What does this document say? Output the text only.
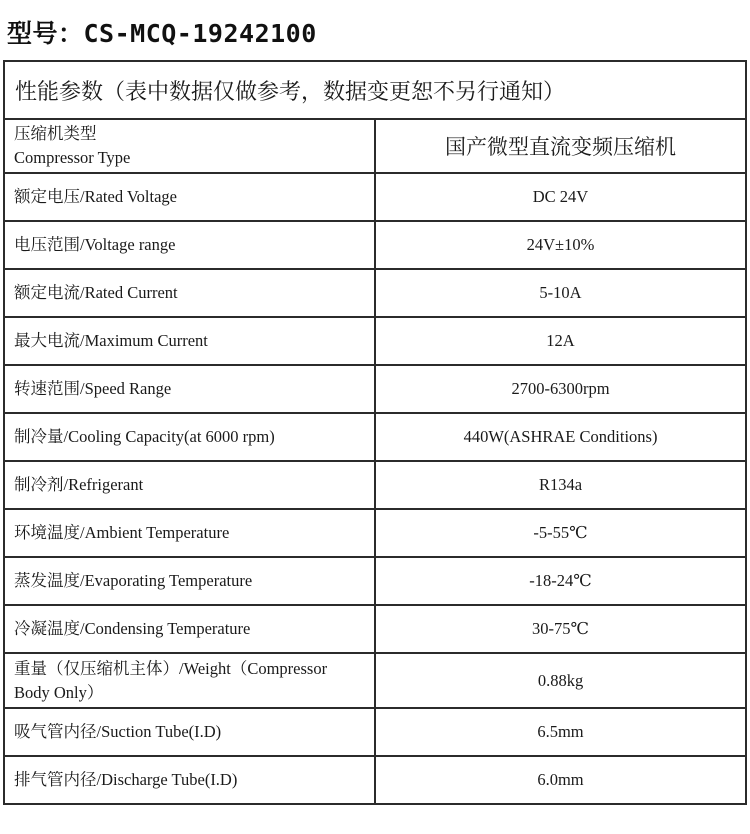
型号：CS-MCQ-19242100
性能参数（表中数据仅做参考，数据变更恕不另行通知）	

压缩机类型
Compressor Type	国产微型直流变频压缩机
额定电压/Rated Voltage	DC 24V
电压范围/Voltage range	24V±10%
额定电流/Rated Current	5-10A
最大电流/Maximum Current	12A
转速范围/Speed Range	2700-6300rpm
制冷量/Cooling Capacity(at 6000 rpm)	440W(ASHRAE Conditions)
制冷剂/Refrigerant	R134a
环境温度/Ambient Temperature	-5-55℃
蒸发温度/Evaporating Temperature	-18-24℃
冷凝温度/Condensing Temperature	30-75℃

重量（仅压缩机主体）/Weight（Compressor
Body Only）	0.88kg
吸气管内径/Suction Tube(I.D)	6.5mm
排气管内径/Discharge Tube(I.D)	6.0mm
